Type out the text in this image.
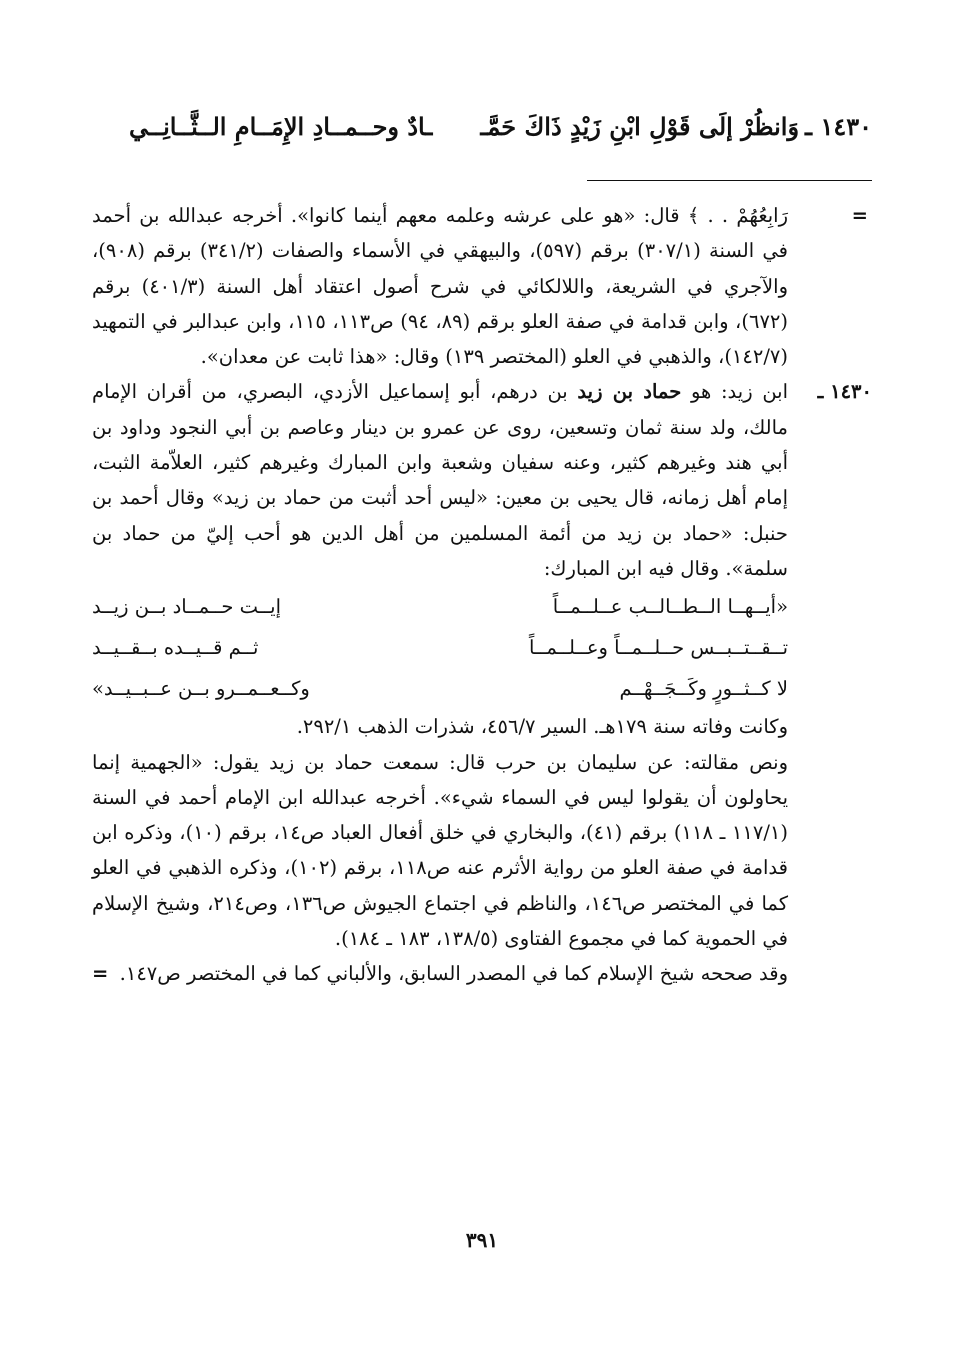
١٤٣٠ ـ
وَانظُرْ إلَى قَوْلِ ابْنِ زَيْدٍ ذَاكَ حَمَّـ
ـادٌ وحــمــادِ الإِمَــامِ الــثَّــانِــي

=
رَابِعُهُمْ . . ﴾ قال: «هو على عرشه وعلمه معهم أينما كانوا». أخرجه عبدالله بن أحمد في السنة (٣٠٧/١) برقم (٥٩٧)، والبيهقي في الأسماء والصفات (٣٤١/٢) برقم (٩٠٨)، والآجري في الشريعة، واللالكائي في شرح أصول اعتقاد أهل السنة (٤٠١/٣) برقم (٦٧٢)، وابن قدامة في صفة العلو برقم (٨٩، ٩٤) ص١١٣، ١١٥، وابن عبدالبر في التمهيد (١٤٢/٧)، والذهبي في العلو (المختصر ١٣٩) وقال: «هذا ثابت عن معدان».

١٤٣٠ ـ
ابن زيد: هو حماد بن زيد بن درهم، أبو إسماعيل الأزدي، البصري، من أقران الإمام مالك، ولد سنة ثمان وتسعين، روى عن عمرو بن دينار وعاصم بن أبي النجود وداود بن أبي هند وغيرهم كثير، وعنه سفيان وشعبة وابن المبارك وغيرهم كثير، العلاّمة الثبت، إمام أهل زمانه، قال يحيى بن معين: «ليس أحد أثبت من حماد بن زيد» وقال أحمد بن حنبل: «حماد بن زيد من أئمة المسلمين من أهل الدين هو أحب إليّ من حماد بن سلمة». وقال فيه ابن المبارك:

«أيــهــا الــطــالــب عــلــمــاً
إيــت حــمــاد بــن زيــد
تــقــتــبــس حــلــمــاً وعــلــمــاً
ثــم قــيــده بــقــيــد
لا كــثــورٍ وكَــجَــهْــم
وكــعــمــرو بــن عــبــيــد»

وكانت وفاته سنة ١٧٩هـ. السير ٤٥٦/٧، شذرات الذهب ٢٩٢/١.

ونص مقالته: عن سليمان بن حرب قال: سمعت حماد بن زيد يقول: «الجهمية إنما يحاولون أن يقولوا ليس في السماء شيء». أخرجه عبدالله ابن الإمام أحمد في السنة (١١٧/١ ـ ١١٨) برقم (٤١)، والبخاري في خلق أفعال العباد ص١٤، برقم (١٠)، وذكره ابن قدامة في صفة العلو من رواية الأثرم عنه ص١١٨، برقم (١٠٢)، وذكره الذهبي في العلو كما في المختصر ص١٤٦، والناظم في اجتماع الجيوش ص١٣٦، وص٢١٤، وشيخ الإسلام في الحموية كما في مجموع الفتاوى (١٣٨/٥، ١٨٣ ـ ١٨٤).

وقد صححه شيخ الإسلام كما في المصدر السابق، والألباني كما في المختصر ص١٤٧.
=

٣٩١
